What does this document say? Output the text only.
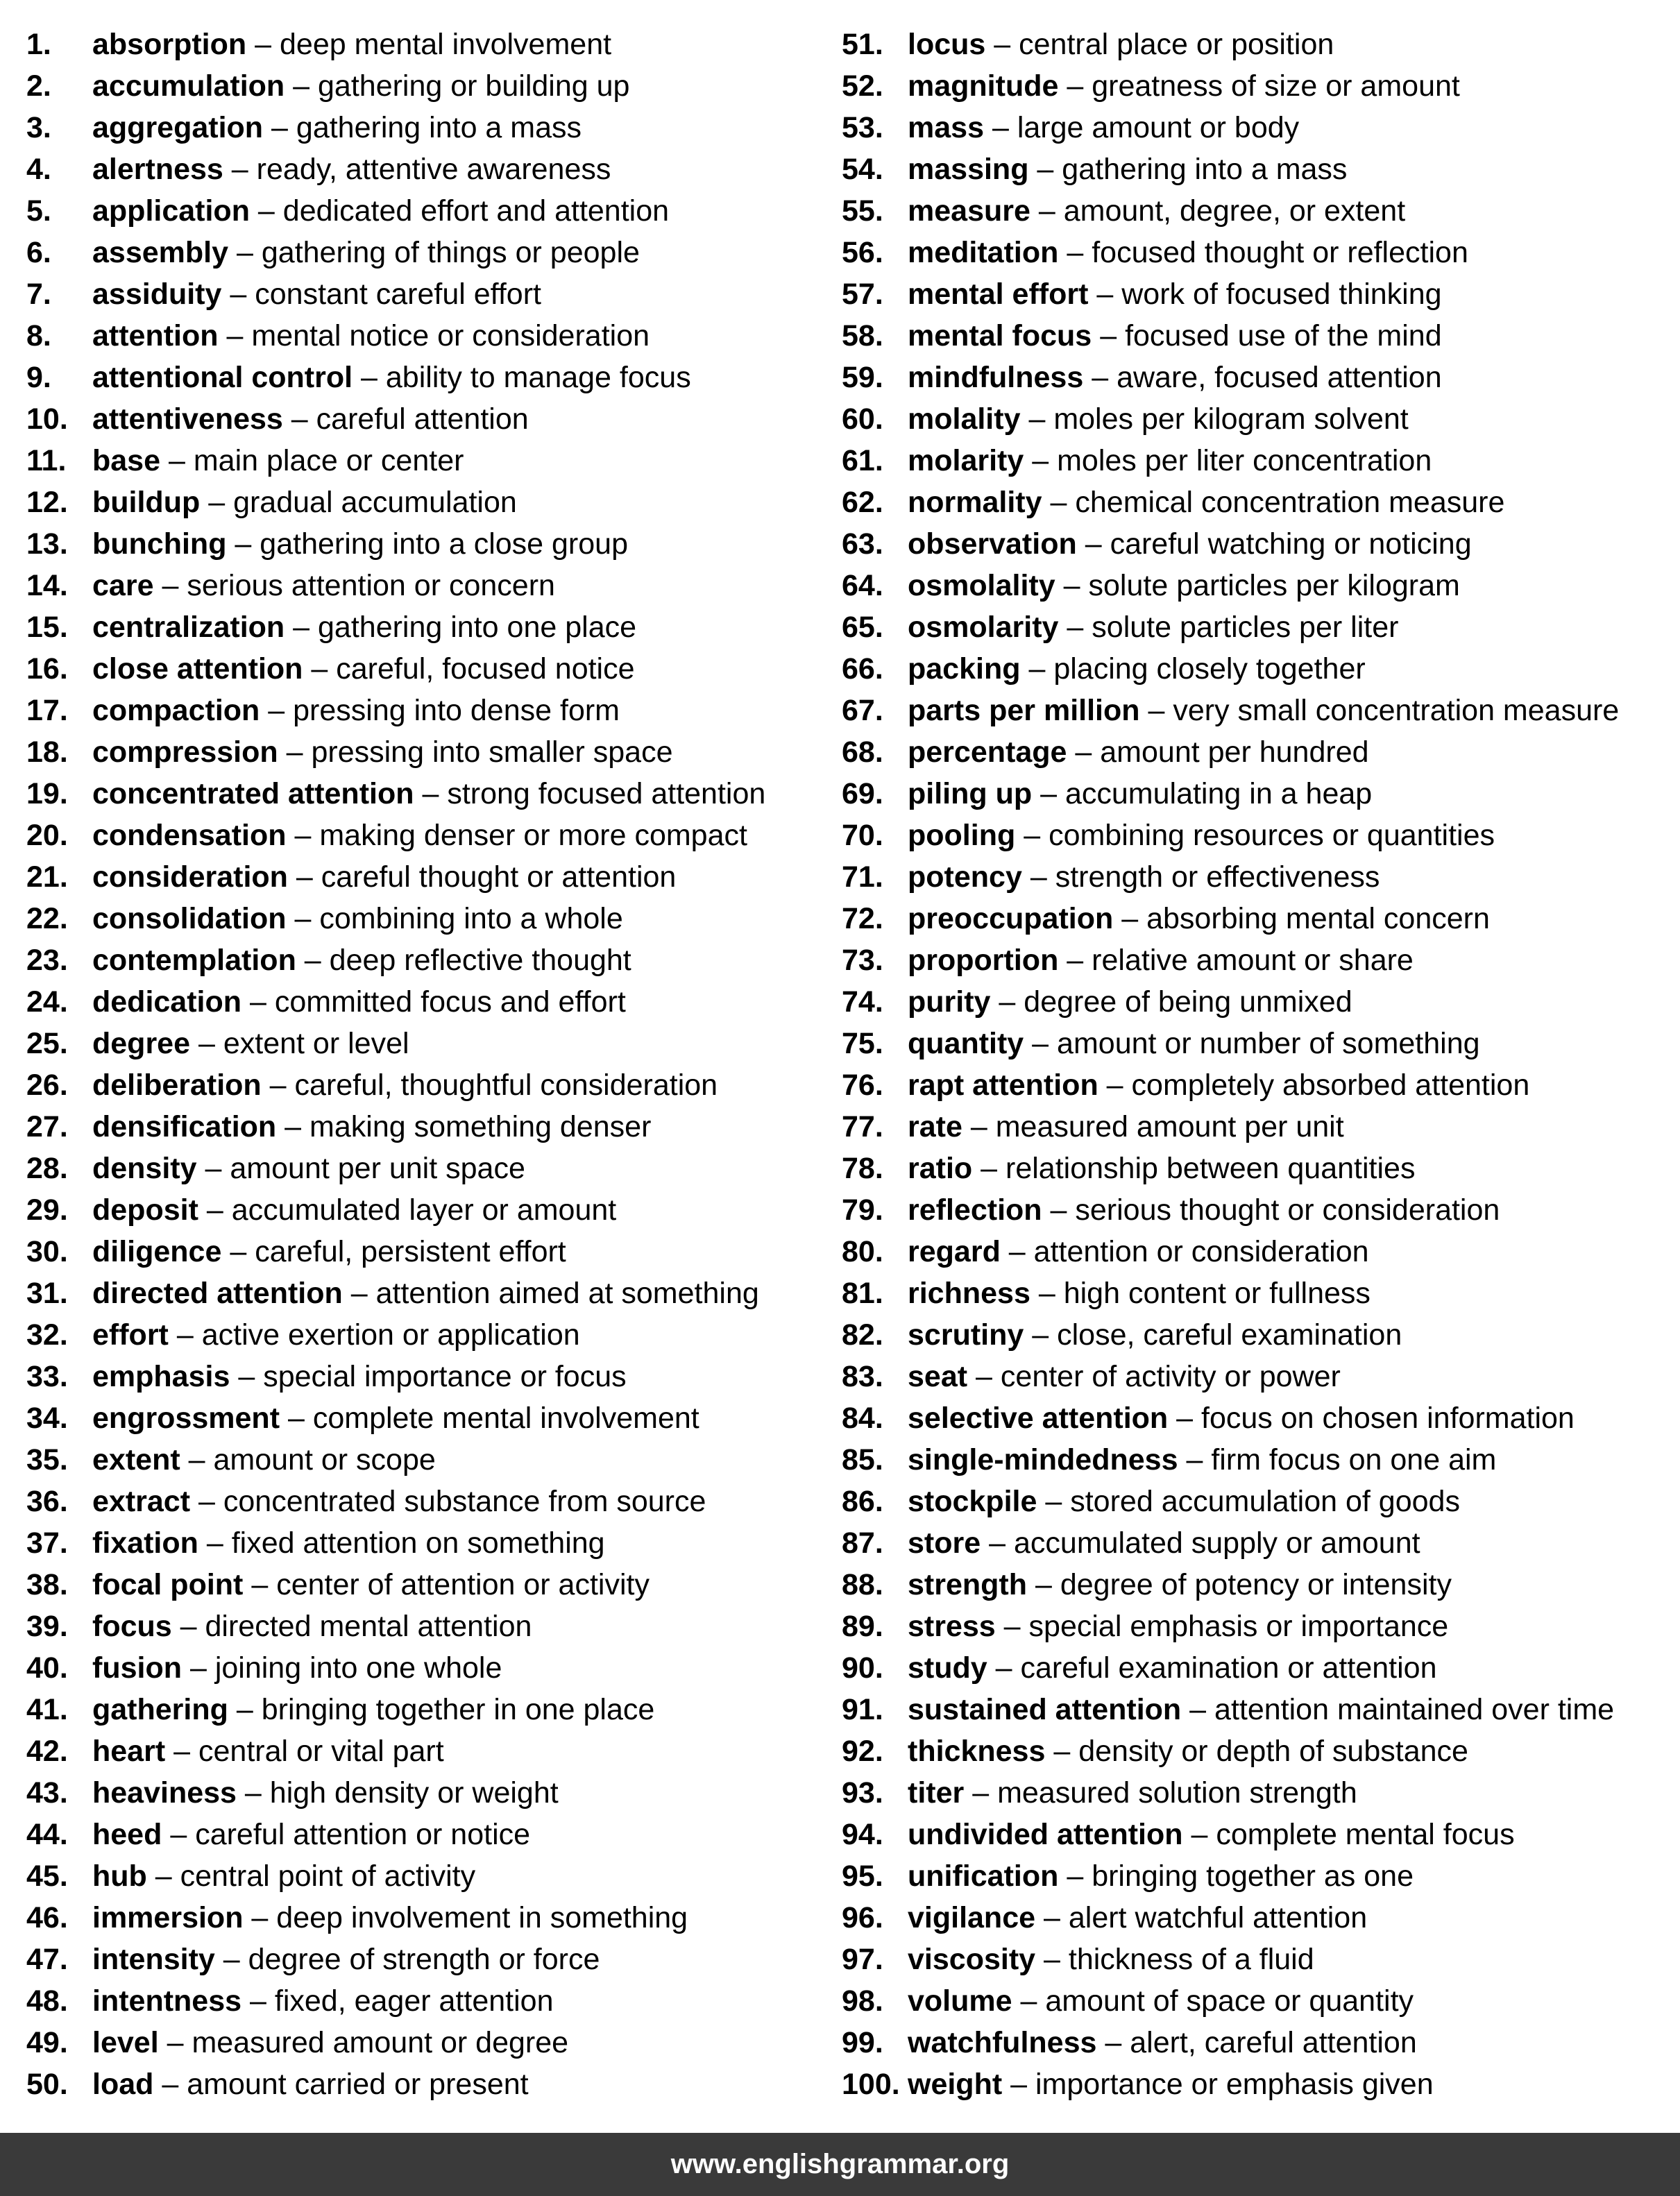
1. absorption – deep mental involvement
2. accumulation – gathering or building up
3. aggregation – gathering into a mass
4. alertness – ready, attentive awareness
5. application – dedicated effort and attention
6. assembly – gathering of things or people
7. assiduity – constant careful effort
8. attention – mental notice or consideration
9. attentional control – ability to manage focus
10. attentiveness – careful attention
11. base – main place or center
12. buildup – gradual accumulation
13. bunching – gathering into a close group
14. care – serious attention or concern
15. centralization – gathering into one place
16. close attention – careful, focused notice
17. compaction – pressing into dense form
18. compression – pressing into smaller space
19. concentrated attention – strong focused attention
20. condensation – making denser or more compact
21. consideration – careful thought or attention
22. consolidation – combining into a whole
23. contemplation – deep reflective thought
24. dedication – committed focus and effort
25. degree – extent or level
26. deliberation – careful, thoughtful consideration
27. densification – making something denser
28. density – amount per unit space
29. deposit – accumulated layer or amount
30. diligence – careful, persistent effort
31. directed attention – attention aimed at something
32. effort – active exertion or application
33. emphasis – special importance or focus
34. engrossment – complete mental involvement
35. extent – amount or scope
36. extract – concentrated substance from source
37. fixation – fixed attention on something
38. focal point – center of attention or activity
39. focus – directed mental attention
40. fusion – joining into one whole
41. gathering – bringing together in one place
42. heart – central or vital part
43. heaviness – high density or weight
44. heed – careful attention or notice
45. hub – central point of activity
46. immersion – deep involvement in something
47. intensity – degree of strength or force
48. intentness – fixed, eager attention
49. level – measured amount or degree
50. load – amount carried or present
51. locus – central place or position
52. magnitude – greatness of size or amount
53. mass – large amount or body
54. massing – gathering into a mass
55. measure – amount, degree, or extent
56. meditation – focused thought or reflection
57. mental effort – work of focused thinking
58. mental focus – focused use of the mind
59. mindfulness – aware, focused attention
60. molality – moles per kilogram solvent
61. molarity – moles per liter concentration
62. normality – chemical concentration measure
63. observation – careful watching or noticing
64. osmolality – solute particles per kilogram
65. osmolarity – solute particles per liter
66. packing – placing closely together
67. parts per million – very small concentration measure
68. percentage – amount per hundred
69. piling up – accumulating in a heap
70. pooling – combining resources or quantities
71. potency – strength or effectiveness
72. preoccupation – absorbing mental concern
73. proportion – relative amount or share
74. purity – degree of being unmixed
75. quantity – amount or number of something
76. rapt attention – completely absorbed attention
77. rate – measured amount per unit
78. ratio – relationship between quantities
79. reflection – serious thought or consideration
80. regard – attention or consideration
81. richness – high content or fullness
82. scrutiny – close, careful examination
83. seat – center of activity or power
84. selective attention – focus on chosen information
85. single-mindedness – firm focus on one aim
86. stockpile – stored accumulation of goods
87. store – accumulated supply or amount
88. strength – degree of potency or intensity
89. stress – special emphasis or importance
90. study – careful examination or attention
91. sustained attention – attention maintained over time
92. thickness – density or depth of substance
93. titer – measured solution strength
94. undivided attention – complete mental focus
95. unification – bringing together as one
96. vigilance – alert watchful attention
97. viscosity – thickness of a fluid
98. volume – amount of space or quantity
99. watchfulness – alert, careful attention
100. weight – importance or emphasis given
www.englishgrammar.org
